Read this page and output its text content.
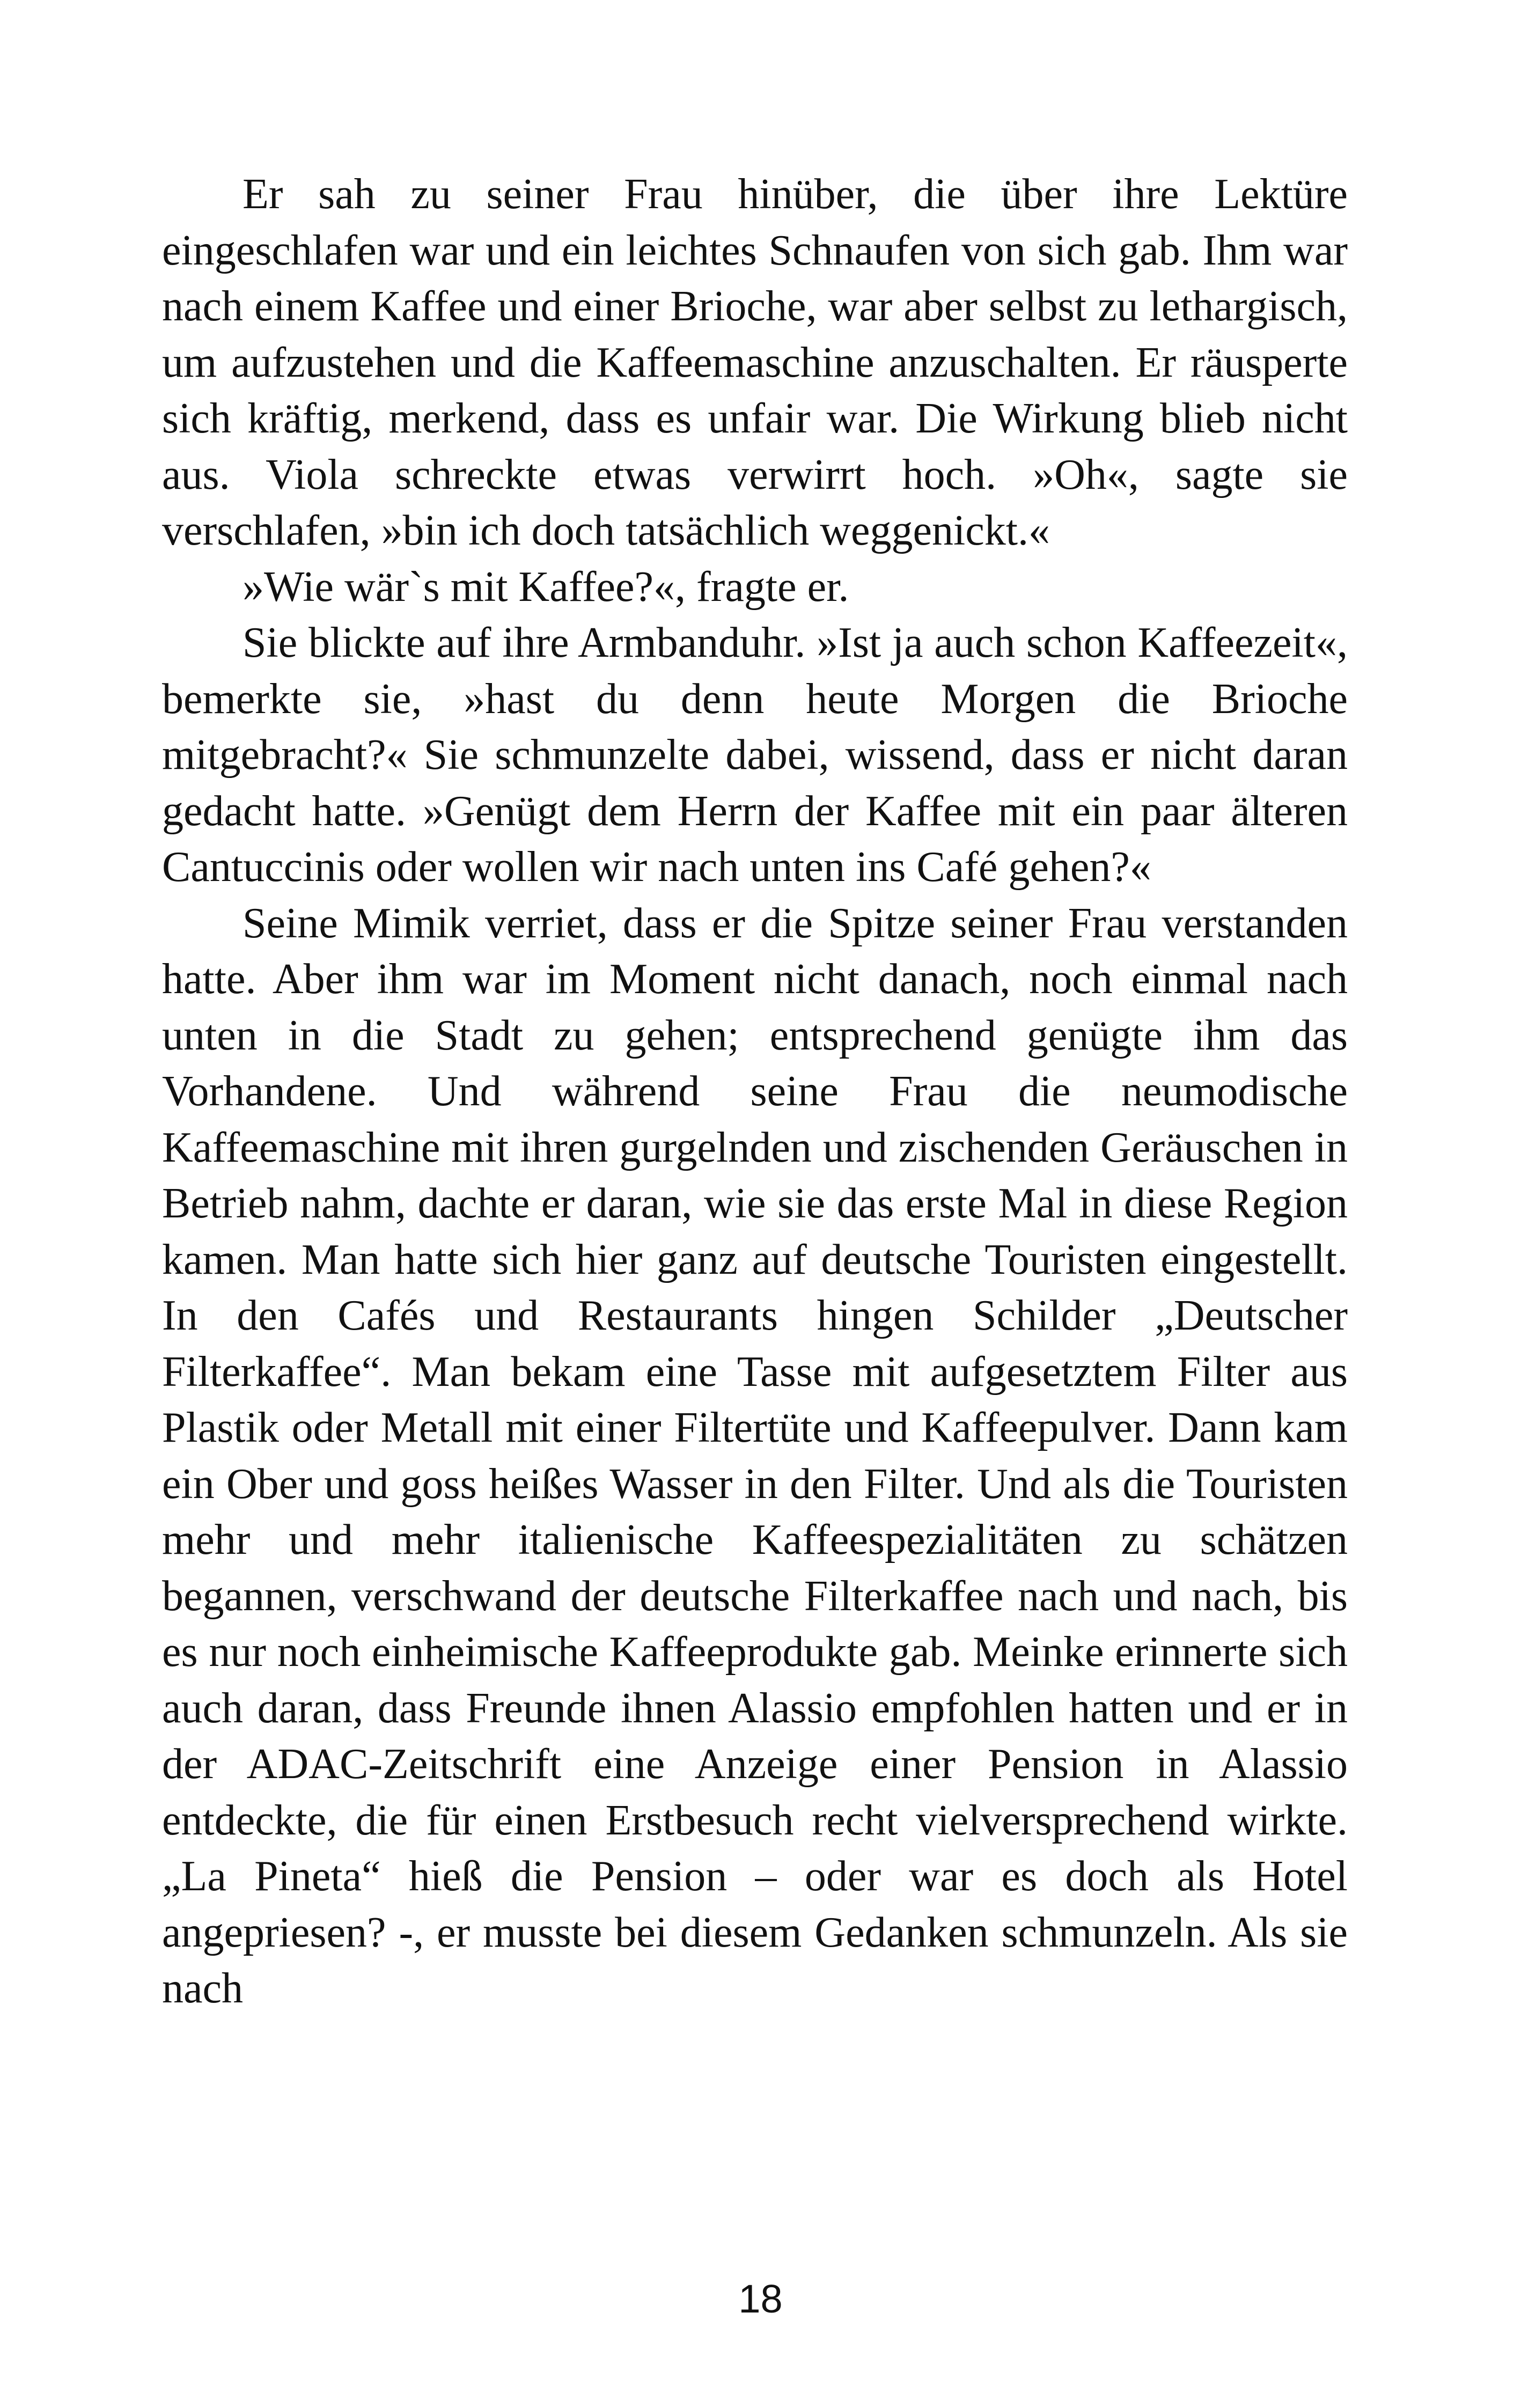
Er sah zu seiner Frau hinüber, die über ihre Lektüre eingeschlafen war und ein leichtes Schnaufen von sich gab. Ihm war nach einem Kaffee und einer Brioche, war aber selbst zu lethargisch, um aufzustehen und die Kaffeemaschine anzuschalten. Er räusperte sich kräftig, merkend, dass es unfair war. Die Wirkung blieb nicht aus. Viola schreckte etwas verwirrt hoch. »Oh«, sagte sie verschlafen, »bin ich doch tatsächlich weggenickt.«

»Wie wär`s mit Kaffee?«, fragte er.

Sie blickte auf ihre Armbanduhr. »Ist ja auch schon Kaffeezeit«, bemerkte sie, »hast du denn heute Morgen die Brioche mitgebracht?« Sie schmunzelte dabei, wissend, dass er nicht daran gedacht hatte. »Genügt dem Herrn der Kaffee mit ein paar älteren Cantuccinis oder wollen wir nach unten ins Café gehen?«

Seine Mimik verriet, dass er die Spitze seiner Frau verstanden hatte. Aber ihm war im Moment nicht danach, noch einmal nach unten in die Stadt zu gehen; entsprechend genügte ihm das Vorhandene. Und während seine Frau die neumodische Kaffeemaschine mit ihren gurgelnden und zischenden Geräuschen in Betrieb nahm, dachte er daran, wie sie das erste Mal in diese Region kamen. Man hatte sich hier ganz auf deutsche Touristen eingestellt. In den Cafés und Restaurants hingen Schilder „Deutscher Filterkaffee“. Man bekam eine Tasse mit aufgesetztem Filter aus Plastik oder Metall mit einer Filtertüte und Kaffeepulver. Dann kam ein Ober und goss heißes Wasser in den Filter. Und als die Touristen mehr und mehr italienische Kaffeespezialitäten zu schätzen begannen, verschwand der deutsche Filterkaffee nach und nach, bis es nur noch einheimische Kaffeeprodukte gab. Meinke erinnerte sich auch daran, dass Freunde ihnen Alassio empfohlen hatten und er in der ADAC-Zeitschrift eine Anzeige einer Pension in Alassio entdeckte, die für einen Erstbesuch recht vielversprechend wirkte. „La Pineta“ hieß die Pension – oder war es doch als Hotel angepriesen? -, er musste bei diesem Gedanken schmunzeln. Als sie nach

18
